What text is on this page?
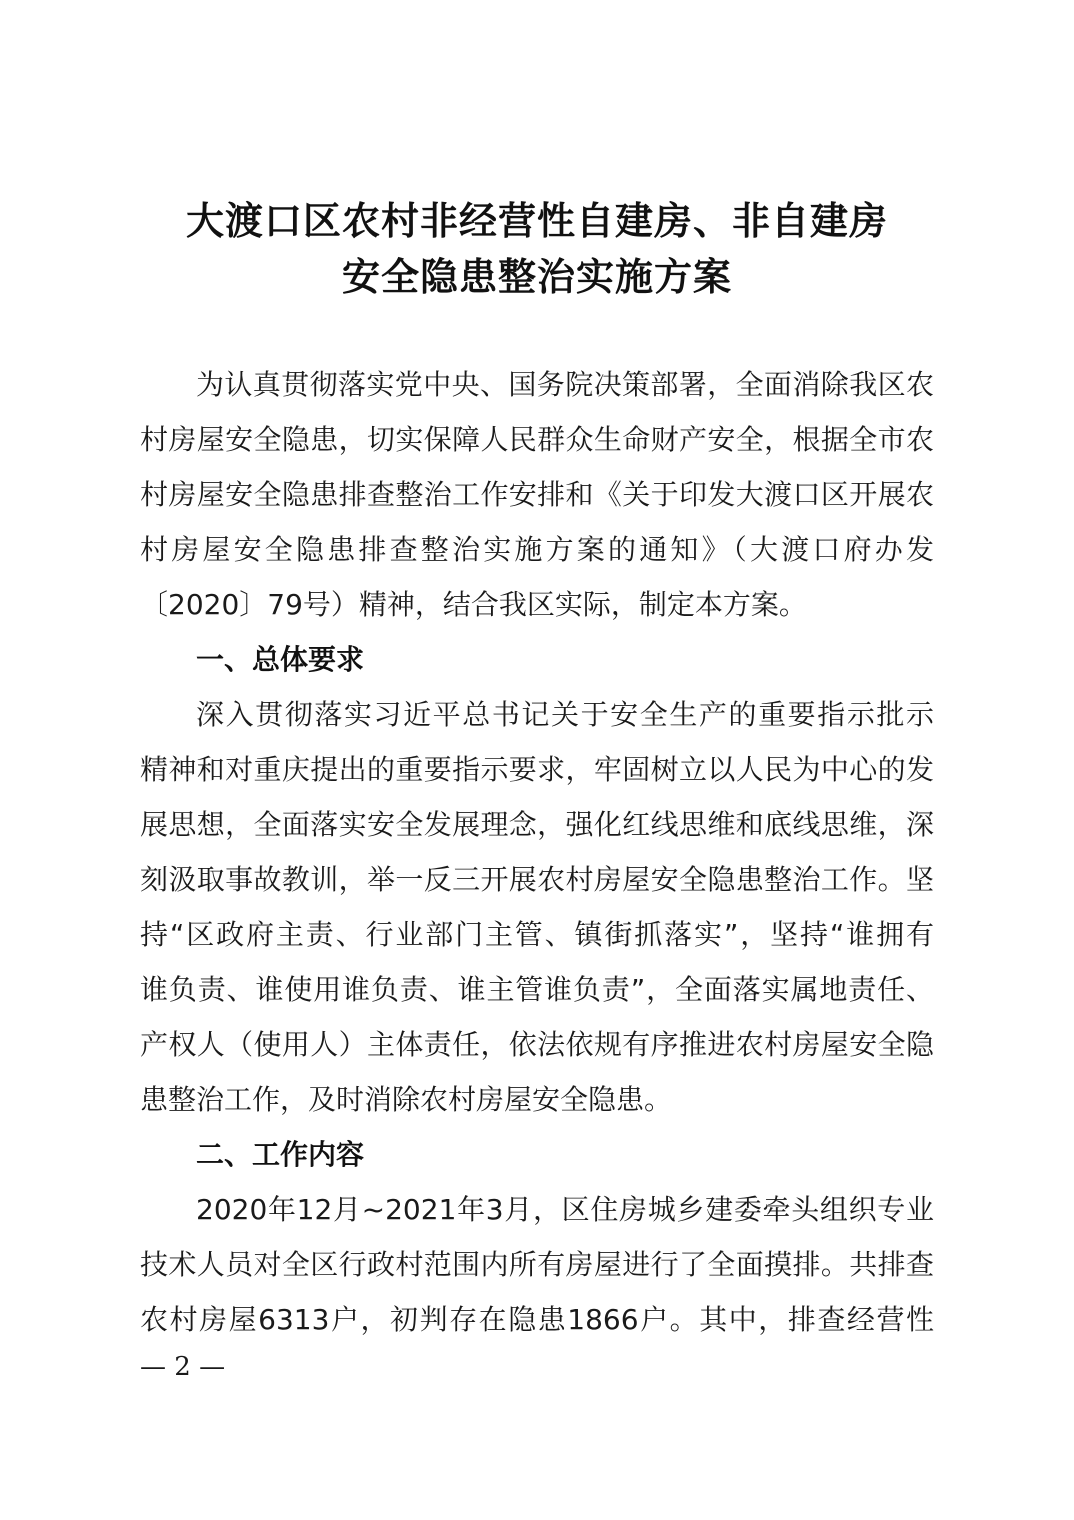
大渡口区农村非经营性自建房、非自建房
安全隐患整治实施方案
为认真贯彻落实党中央、国务院决策部署，全面消除我区农
村房屋安全隐患，切实保障人民群众生命财产安全，根据全市农
村房屋安全隐患排查整治工作安排和《关于印发大渡口区开展农
村房屋安全隐患排查整治实施方案的通知》（大渡口府办发
〔2020〕79号）精神，结合我区实际，制定本方案。
一、总体要求
深入贯彻落实习近平总书记关于安全生产的重要指示批示
精神和对重庆提出的重要指示要求，牢固树立以人民为中心的发
展思想，全面落实安全发展理念，强化红线思维和底线思维，深
刻汲取事故教训，举一反三开展农村房屋安全隐患整治工作。坚
持“区政府主责、行业部门主管、镇街抓落实”，坚持“谁拥有
谁负责、谁使用谁负责、谁主管谁负责”，全面落实属地责任、
产权人（使用人）主体责任，依法依规有序推进农村房屋安全隐
患整治工作，及时消除农村房屋安全隐患。
二、工作内容
2020年12月~2021年3月，区住房城乡建委牵头组织专业
技术人员对全区行政村范围内所有房屋进行了全面摸排。共排查
农村房屋6313户，初判存在隐患1866户。其中，排查经营性
— 2 —
